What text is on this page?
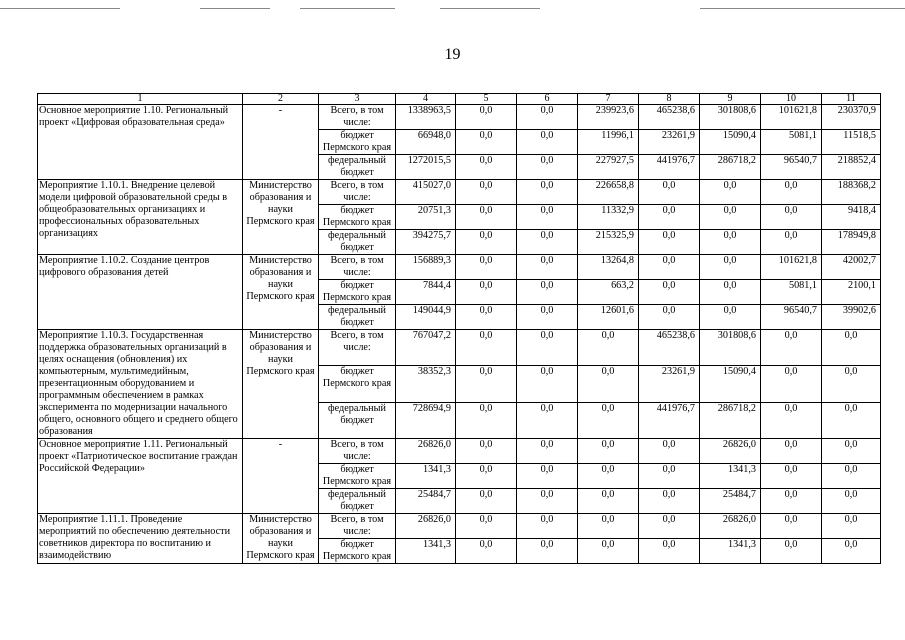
19
1	2	3	4	5	6	7	8	9	10	11
Основное мероприятие 1.10. Региональный проект «Цифровая образовательная среда»	-	Всего, в том числе:	1338963,5	0,0	0,0	239923,6	465238,6	301808,6	101621,8	230370,9
		бюджет Пермского края	66948,0	0,0	0,0	11996,1	23261,9	15090,4	5081,1	11518,5
		федеральный бюджет	1272015,5	0,0	0,0	227927,5	441976,7	286718,2	96540,7	218852,4
Мероприятие 1.10.1. Внедрение целевой модели цифровой образовательной среды в общеобразовательных организациях и профессиональных образовательных организациях	Министерство образования и науки Пермского края	Всего, в том числе:	415027,0	0,0	0,0	226658,8	0,0	0,0	0,0	188368,2
		бюджет Пермского края	20751,3	0,0	0,0	11332,9	0,0	0,0	0,0	9418,4
		федеральный бюджет	394275,7	0,0	0,0	215325,9	0,0	0,0	0,0	178949,8
Мероприятие 1.10.2. Создание центров цифрового образования детей	Министерство образования и науки Пермского края	Всего, в том числе:	156889,3	0,0	0,0	13264,8	0,0	0,0	101621,8	42002,7
		бюджет Пермского края	7844,4	0,0	0,0	663,2	0,0	0,0	5081,1	2100,1
		федеральный бюджет	149044,9	0,0	0,0	12601,6	0,0	0,0	96540,7	39902,6
Мероприятие 1.10.3. Государственная поддержка образовательных организаций в целях оснащения (обновления) их компьютерным, мультимедийным, презентационным оборудованием и программным обеспечением в рамках эксперимента по модернизации начального общего, основного общего и среднего общего образования	Министерство образования и науки Пермского края	Всего, в том числе:	767047,2	0,0	0,0	0,0	465238,6	301808,6	0,0	0,0
		бюджет Пермского края	38352,3	0,0	0,0	0,0	23261,9	15090,4	0,0	0,0
		федеральный бюджет	728694,9	0,0	0,0	0,0	441976,7	286718,2	0,0	0,0
Основное мероприятие 1.11. Региональный проект «Патриотическое воспитание граждан Российской Федерации»	-	Всего, в том числе:	26826,0	0,0	0,0	0,0	0,0	26826,0	0,0	0,0
		бюджет Пермского края	1341,3	0,0	0,0	0,0	0,0	1341,3	0,0	0,0
		федеральный бюджет	25484,7	0,0	0,0	0,0	0,0	25484,7	0,0	0,0
Мероприятие 1.11.1. Проведение мероприятий по обеспечению деятельности советников директора по воспитанию и взаимодействию	Министерство образования и науки Пермского края	Всего, в том числе:	26826,0	0,0	0,0	0,0	0,0	26826,0	0,0	0,0
		бюджет Пермского края	1341,3	0,0	0,0	0,0	0,0	1341,3	0,0	0,0
